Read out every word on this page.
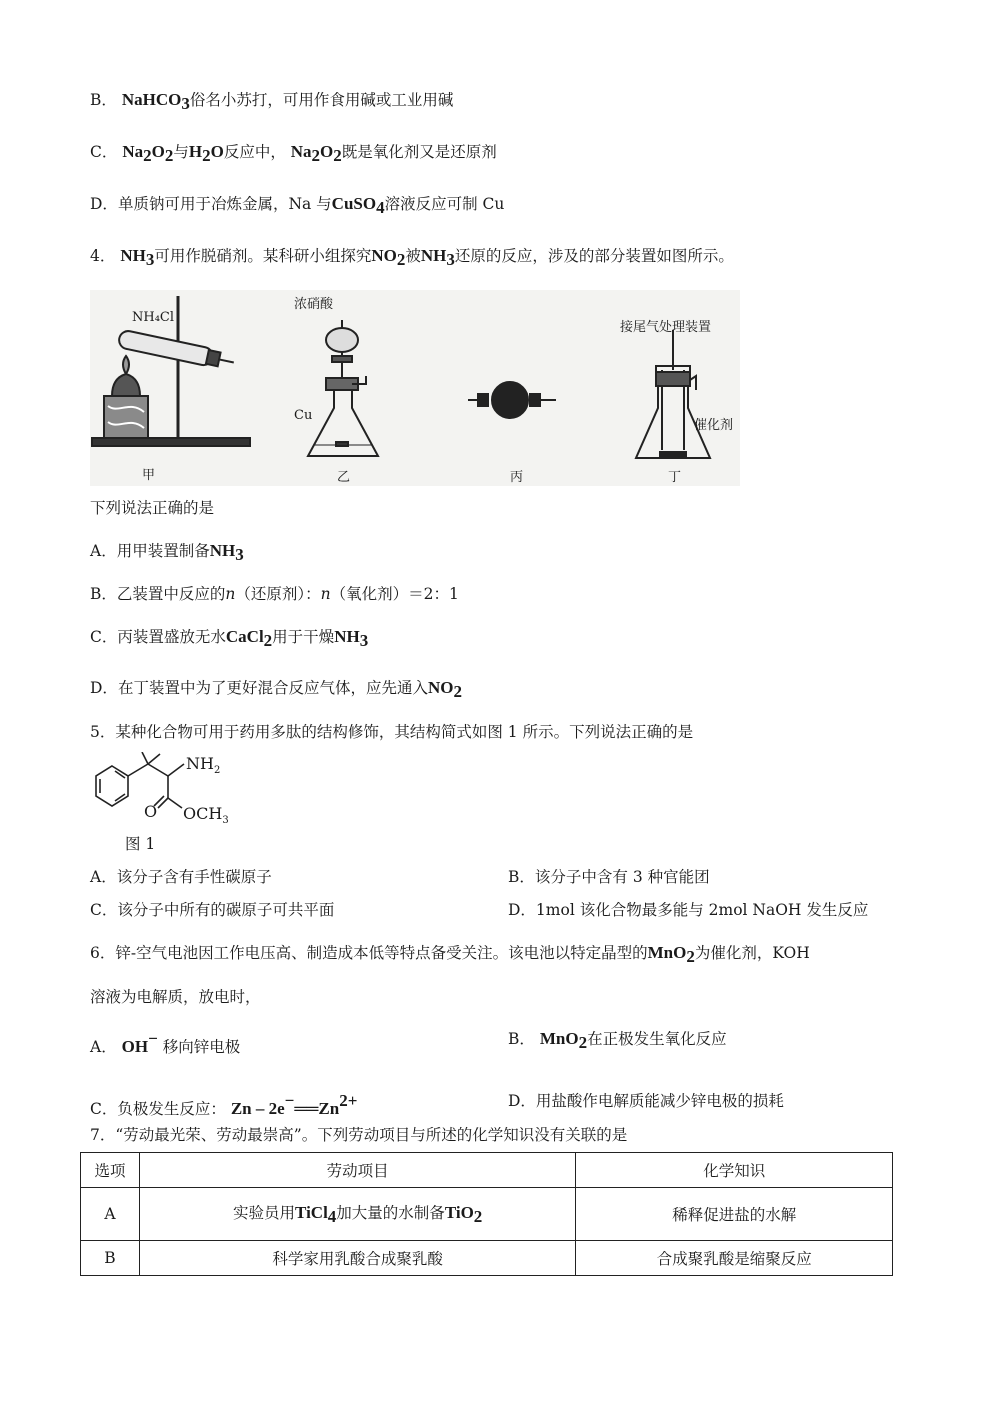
B． NaHCO$_3$俗名小苏打，可用作食用碱或工业用碱
C． $Na_2O_2$与$H_2O$反应中， $Na_2O_2$既是氧化剂又是还原剂
D．单质钠可用于冶炼金属，Na 与CuSO$_4$溶液反应可制 Cu
4． $NH_3$可用作脱硝剂。某科研小组探究$NO_2$被$NH_3$还原的反应，涉及的部分装置如图所示。
NH₄Cl
浓硝酸
Cu
接尾气处理装置
催化剂
甲	乙	丙	丁
下列说法正确的是
A．用甲装置制备$NH_3$
B．乙装置中反应的n（还原剂）：n（氧化剂）＝2：1
C．丙装置盛放无水CaCl$_2$用于干燥$NH_3$
D．在丁装置中为了更好混合反应气体，应先通入$NO_2$
5．某种化合物可用于药用多肽的结构修饰，其结构简式如图 1 所示。下列说法正确的是
$NH_2$
O $OCH_3$
图 1
A．该分子含有手性碳原子	B．该分子中含有 3 种官能团
C．该分子中所有的碳原子可共平面	D．1mol 该化合物最多能与 2mol NaOH 发生反应
6．锌-空气电池因工作电压高、制造成本低等特点备受关注。该电池以特定晶型的MnO$_2$为催化剂，KOH
溶液为电解质，放电时，
A． OH− 移向锌电极	B． MnO$_2$在正极发生氧化反应
C．负极发生反应： Zn – $2e^-══Zn^{2+}$	D．用盐酸作电解质能减少锌电极的损耗
7．“劳动最光荣、劳动最崇高”。下列劳动项目与所述的化学知识没有关联的是
选项	劳动项目	化学知识
A	实验员用TiCl$_4$加大量的水制备TiO$_2$	稀释促进盐的水解
B	科学家用乳酸合成聚乳酸	合成聚乳酸是缩聚反应
